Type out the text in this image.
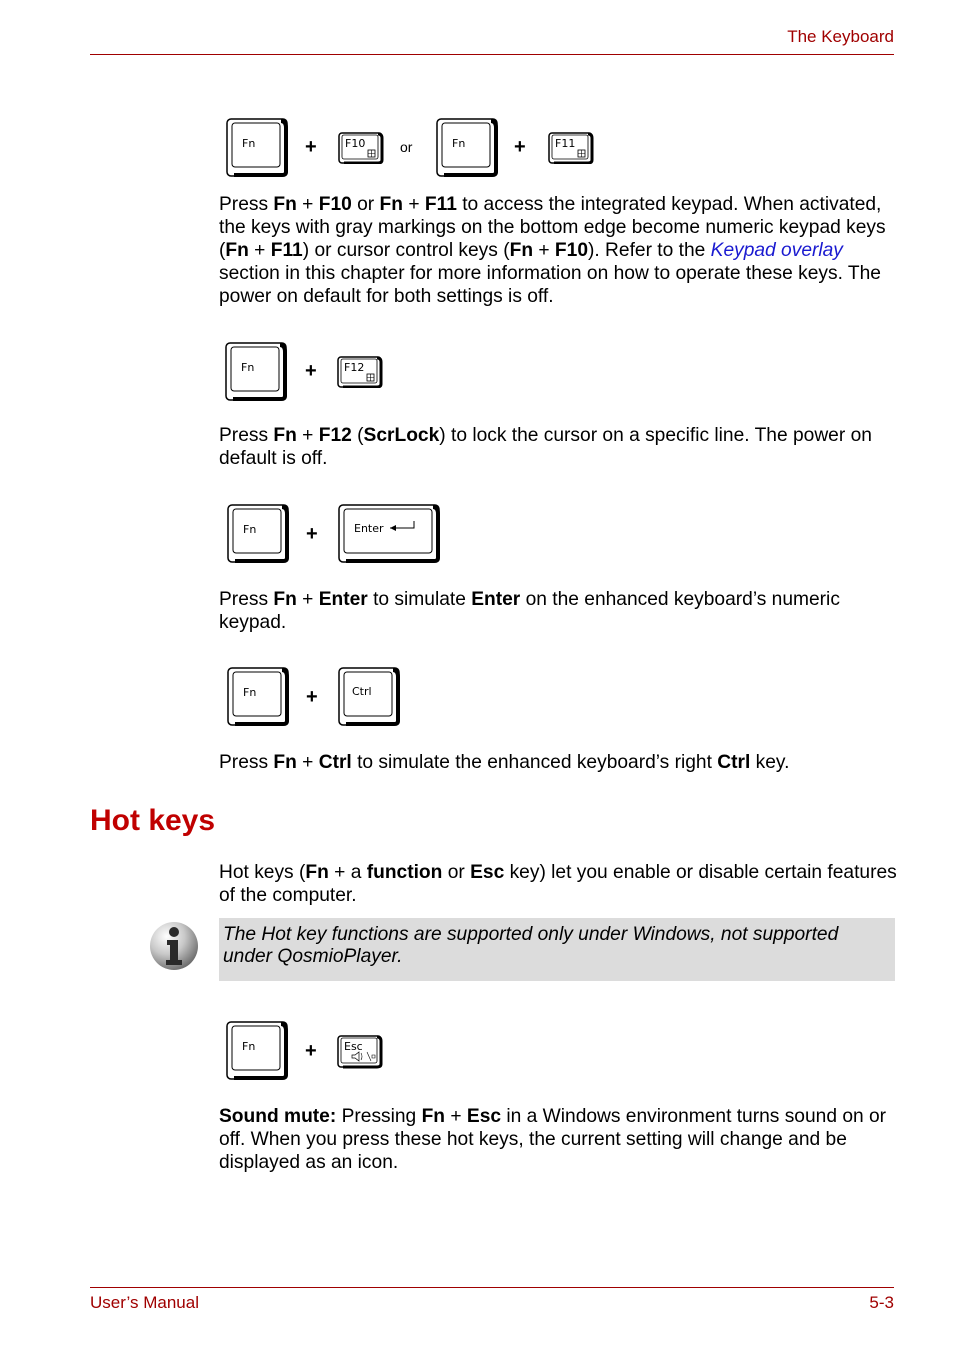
The Keyboard
User’s Manual	5-3
Fn +	F10 or	Fn +	F11
Press Fn + F10 or Fn + F11 to access the integrated keypad. When activated, the keys with gray markings on the bottom edge become numeric keypad keys (Fn + F11) or cursor control keys (Fn + F10). Refer to the Keypad overlay section in this chapter for more information on how to operate these keys. The power on default for both settings is off.
Fn	+ F12
Press Fn + F12 (ScrLock) to lock the cursor on a specific line. The power on default is off.
Fn +	Enter
Press Fn + Enter to simulate Enter on the enhanced keyboard’s numeric keypad.
Fn +	Ctrl
Press Fn + Ctrl to simulate the enhanced keyboard’s right Ctrl key.
Hot keys
Hot keys (Fn + a function or Esc key) let you enable or disable certain features of the computer.
The Hot key functions are supported only under Windows, not supported under QosmioPlayer.
Fn + Esc
Sound mute: Pressing Fn + Esc in a Windows environment turns sound on or off. When you press these hot keys, the current setting will change and be displayed as an icon.
